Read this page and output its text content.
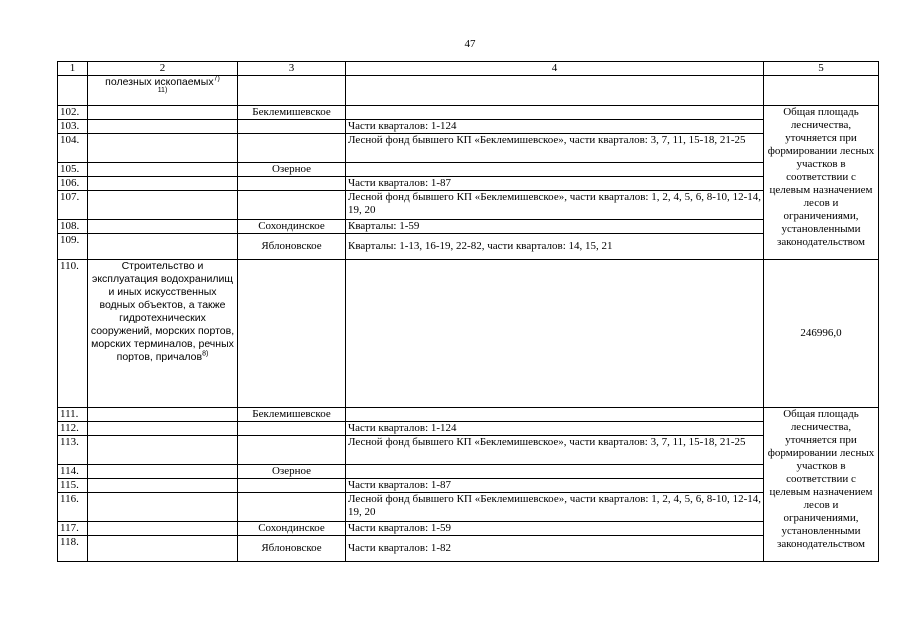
47
1	2	3	4	5
	полезных ископаемых$^{7)}$
11)			

102.		Беклемишевское		Общая площадь лесничества, уточняется при формировании лесных участков в соответствии с целевым назначением лесов и ограничениями, установленными законодательством
103.			Части кварталов: 1-124	
104.			Лесной фонд бывшего КП «Беклемишевское», части кварталов: 3, 7, 11, 15-18, 21-25	
105.		Озерное		
106.			Части кварталов: 1-87	
107.			Лесной фонд бывшего КП «Беклемишевское», части кварталов: 1, 2, 4, 5, 6, 8-10, 12-14, 19, 20	
108.		Сохондинское	Кварталы: 1-59	
109.		Яблоновское	Кварталы: 1-13, 16-19, 22-82, части кварталов: 14, 15, 21	
110.	Строительство и эксплуатация водохранилищ и иных искусственных водных объектов, а также гидротехнических сооружений, морских портов, морских терминалов, речных портов, причалов$^{8)}$			246996,0
111.		Беклемишевское		Общая площадь лесничества, уточняется при формировании лесных участков в соответствии с целевым назначением лесов и ограничениями, установленными законодательством
112.			Части кварталов: 1-124	
113.			Лесной фонд бывшего КП «Беклемишевское», части кварталов: 3, 7, 11, 15-18, 21-25	
114.		Озерное		
115.			Части кварталов: 1-87	
116.			Лесной фонд бывшего КП «Беклемишевское», части кварталов: 1, 2, 4, 5, 6, 8-10, 12-14, 19, 20	
117.		Сохондинское	Части кварталов: 1-59	
118.		Яблоновское	Части кварталов: 1-82	
